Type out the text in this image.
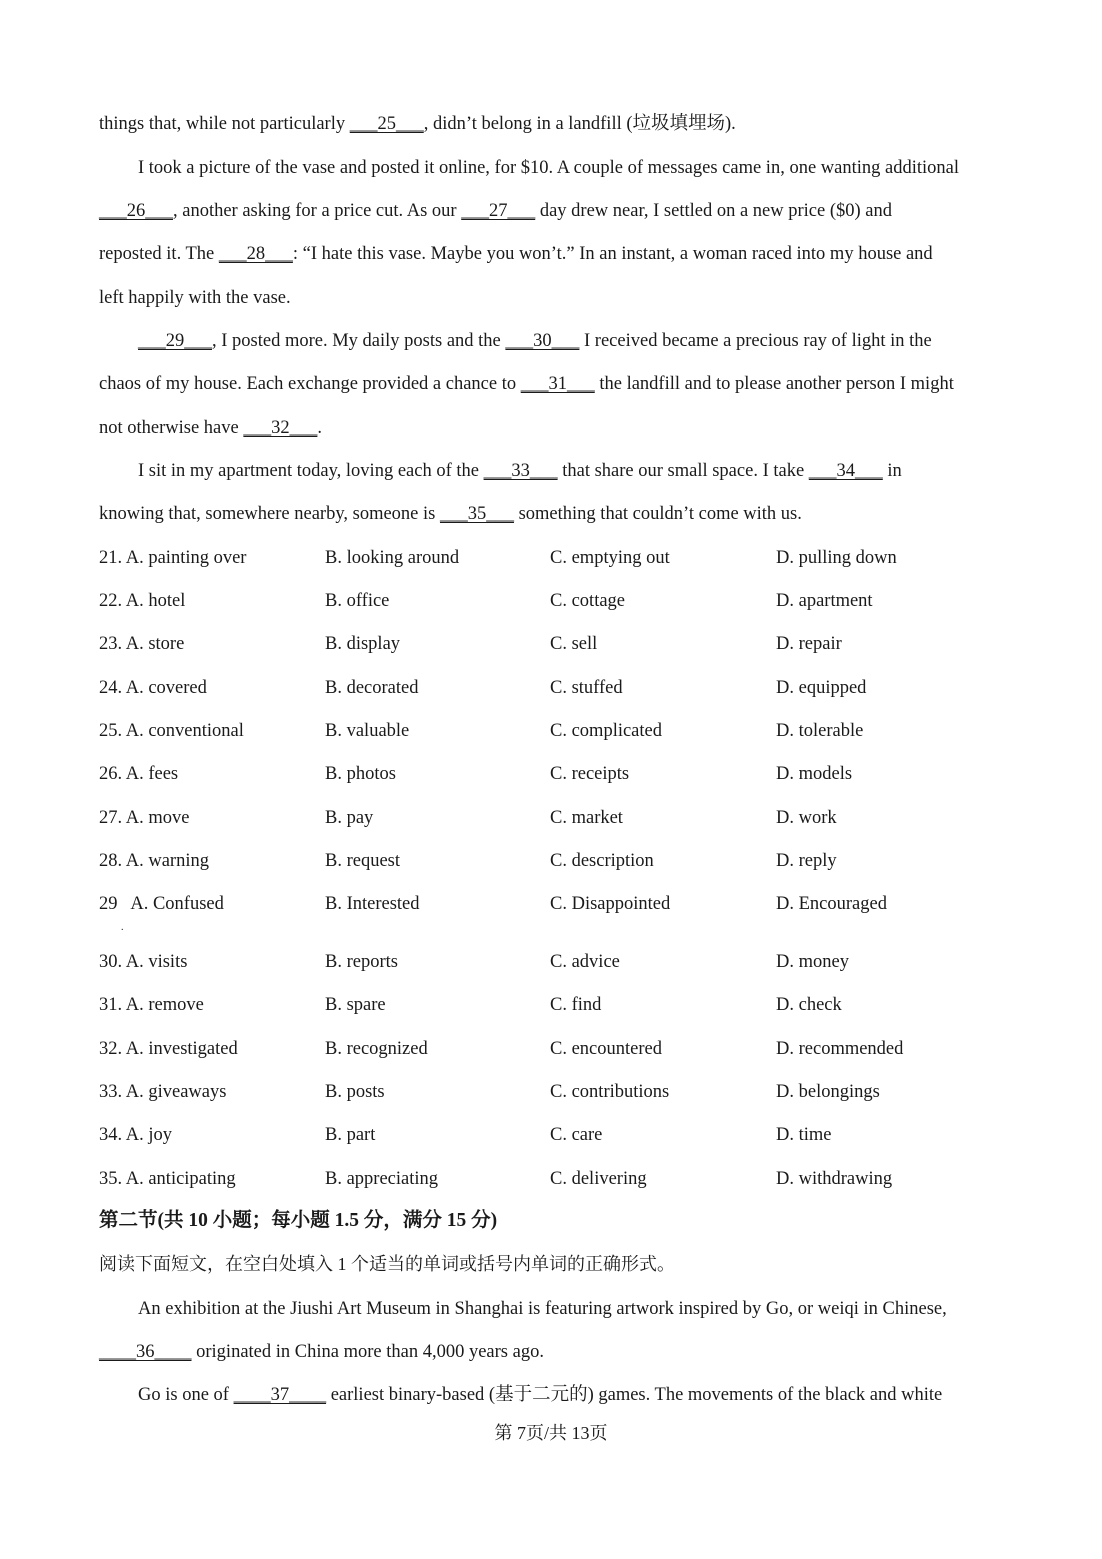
things that, while not particularly ___25___, didn’t belong in a landfill (垃圾填埋场).
I took a picture of the vase and posted it online, for $10. A couple of messages came in, one wanting additional
___26___, another asking for a price cut. As our ___27___ day drew near, I settled on a new price ($0) and
reposted it. The ___28___: “I hate this vase. Maybe you won’t.” In an instant, a woman raced into my house and
left happily with the vase.
___29___, I posted more. My daily posts and the ___30___ I received became a precious ray of light in the
chaos of my house. Each exchange provided a chance to ___31___ the landfill and to please another person I might
not otherwise have ___32___.
I sit in my apartment today, loving each of the ___33___ that share our small space. I take ___34___ in
knowing that, somewhere nearby, someone is ___35___ something that couldn’t come with us.
21. A. painting over	B. looking around	C. emptying out	D. pulling down
22. A. hotel	B. office	C. cottage	D. apartment
23. A. store	B. display	C. sell	D. repair
24. A. covered	B. decorated	C. stuffed	D. equipped
25. A. conventional	B. valuable	C. complicated	D. tolerable
26. A. fees	B. photos	C. receipts	D. models
27. A. move	B. pay	C. market	D. work
28. A. warning	B. request	C. description	D. reply
29   A. Confused	B. Interested	C. Disappointed	D. Encouraged
.
30. A. visits	B. reports	C. advice	D. money
31. A. remove	B. spare	C. find	D. check
32. A. investigated	B. recognized	C. encountered	D. recommended
33. A. giveaways	B. posts	C. contributions	D. belongings
34. A. joy	B. part	C. care	D. time
35. A. anticipating	B. appreciating	C. delivering	D. withdrawing
第二节(共 10 小题；每小题 1.5 分，满分 15 分)
阅读下面短文，在空白处填入 1 个适当的单词或括号内单词的正确形式。
An exhibition at the Jiushi Art Museum in Shanghai is featuring artwork inspired by Go, or weiqi in Chinese,
____36____ originated in China more than 4,000 years ago.
Go is one of ____37____ earliest binary-based (基于二元的) games. The movements of the black and white
第 7页/共 13页
